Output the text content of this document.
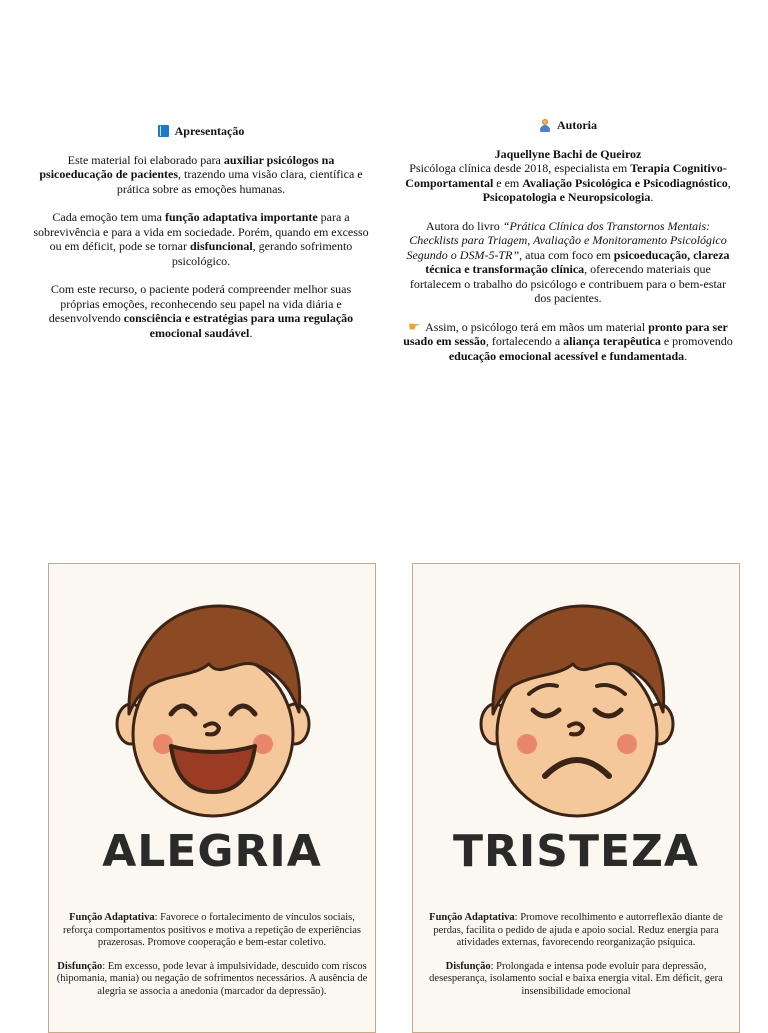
Apresentação

Este material foi elaborado para auxiliar psicólogos na psicoeducação de pacientes, trazendo uma visão clara, científica e prática sobre as emoções humanas.

Cada emoção tem uma função adaptativa importante para a sobrevivência e para a vida em sociedade. Porém, quando em excesso ou em déficit, pode se tornar disfuncional, gerando sofrimento psicológico.

Com este recurso, o paciente poderá compreender melhor suas próprias emoções, reconhecendo seu papel na vida diária e desenvolvendo consciência e estratégias para uma regulação emocional saudável.

Autoria
Jaquellyne Bachi de Queiroz

Psicóloga clínica desde 2018, especialista em Terapia Cognitivo-Comportamental e em Avaliação Psicológica e Psicodiagnóstico, Psicopatologia e Neuropsicologia.

Autora do livro “Prática Clínica dos Transtornos Mentais: Checklists para Triagem, Avaliação e Monitoramento Psicológico Segundo o DSM-5-TR”, atua com foco em psicoeducação, clareza técnica e transformação clínica, oferecendo materiais que fortalecem o trabalho do psicólogo e contribuem para o bem-estar dos pacientes.

☛ Assim, o psicólogo terá em mãos um material pronto para ser usado em sessão, fortalecendo a aliança terapêutica e promovendo educação emocional acessível e fundamentada.

ALEGRIA

Função Adaptativa: Favorece o fortalecimento de vínculos sociais, reforça comportamentos positivos e motiva a repetição de experiências prazerosas. Promove cooperação e bem-estar coletivo.

Disfunção: Em excesso, pode levar à impulsividade, descuido com riscos (hipomania, mania) ou negação de sofrimentos necessários. A ausência de alegria se associa a anedonia (marcador da depressão).

TRISTEZA

Função Adaptativa: Promove recolhimento e autorreflexão diante de perdas, facilita o pedido de ajuda e apoio social. Reduz energia para atividades externas, favorecendo reorganização psíquica.

Disfunção: Prolongada e intensa pode evoluir para depressão, desesperança, isolamento social e baixa energia vital. Em déficit, gera insensibilidade emocional
